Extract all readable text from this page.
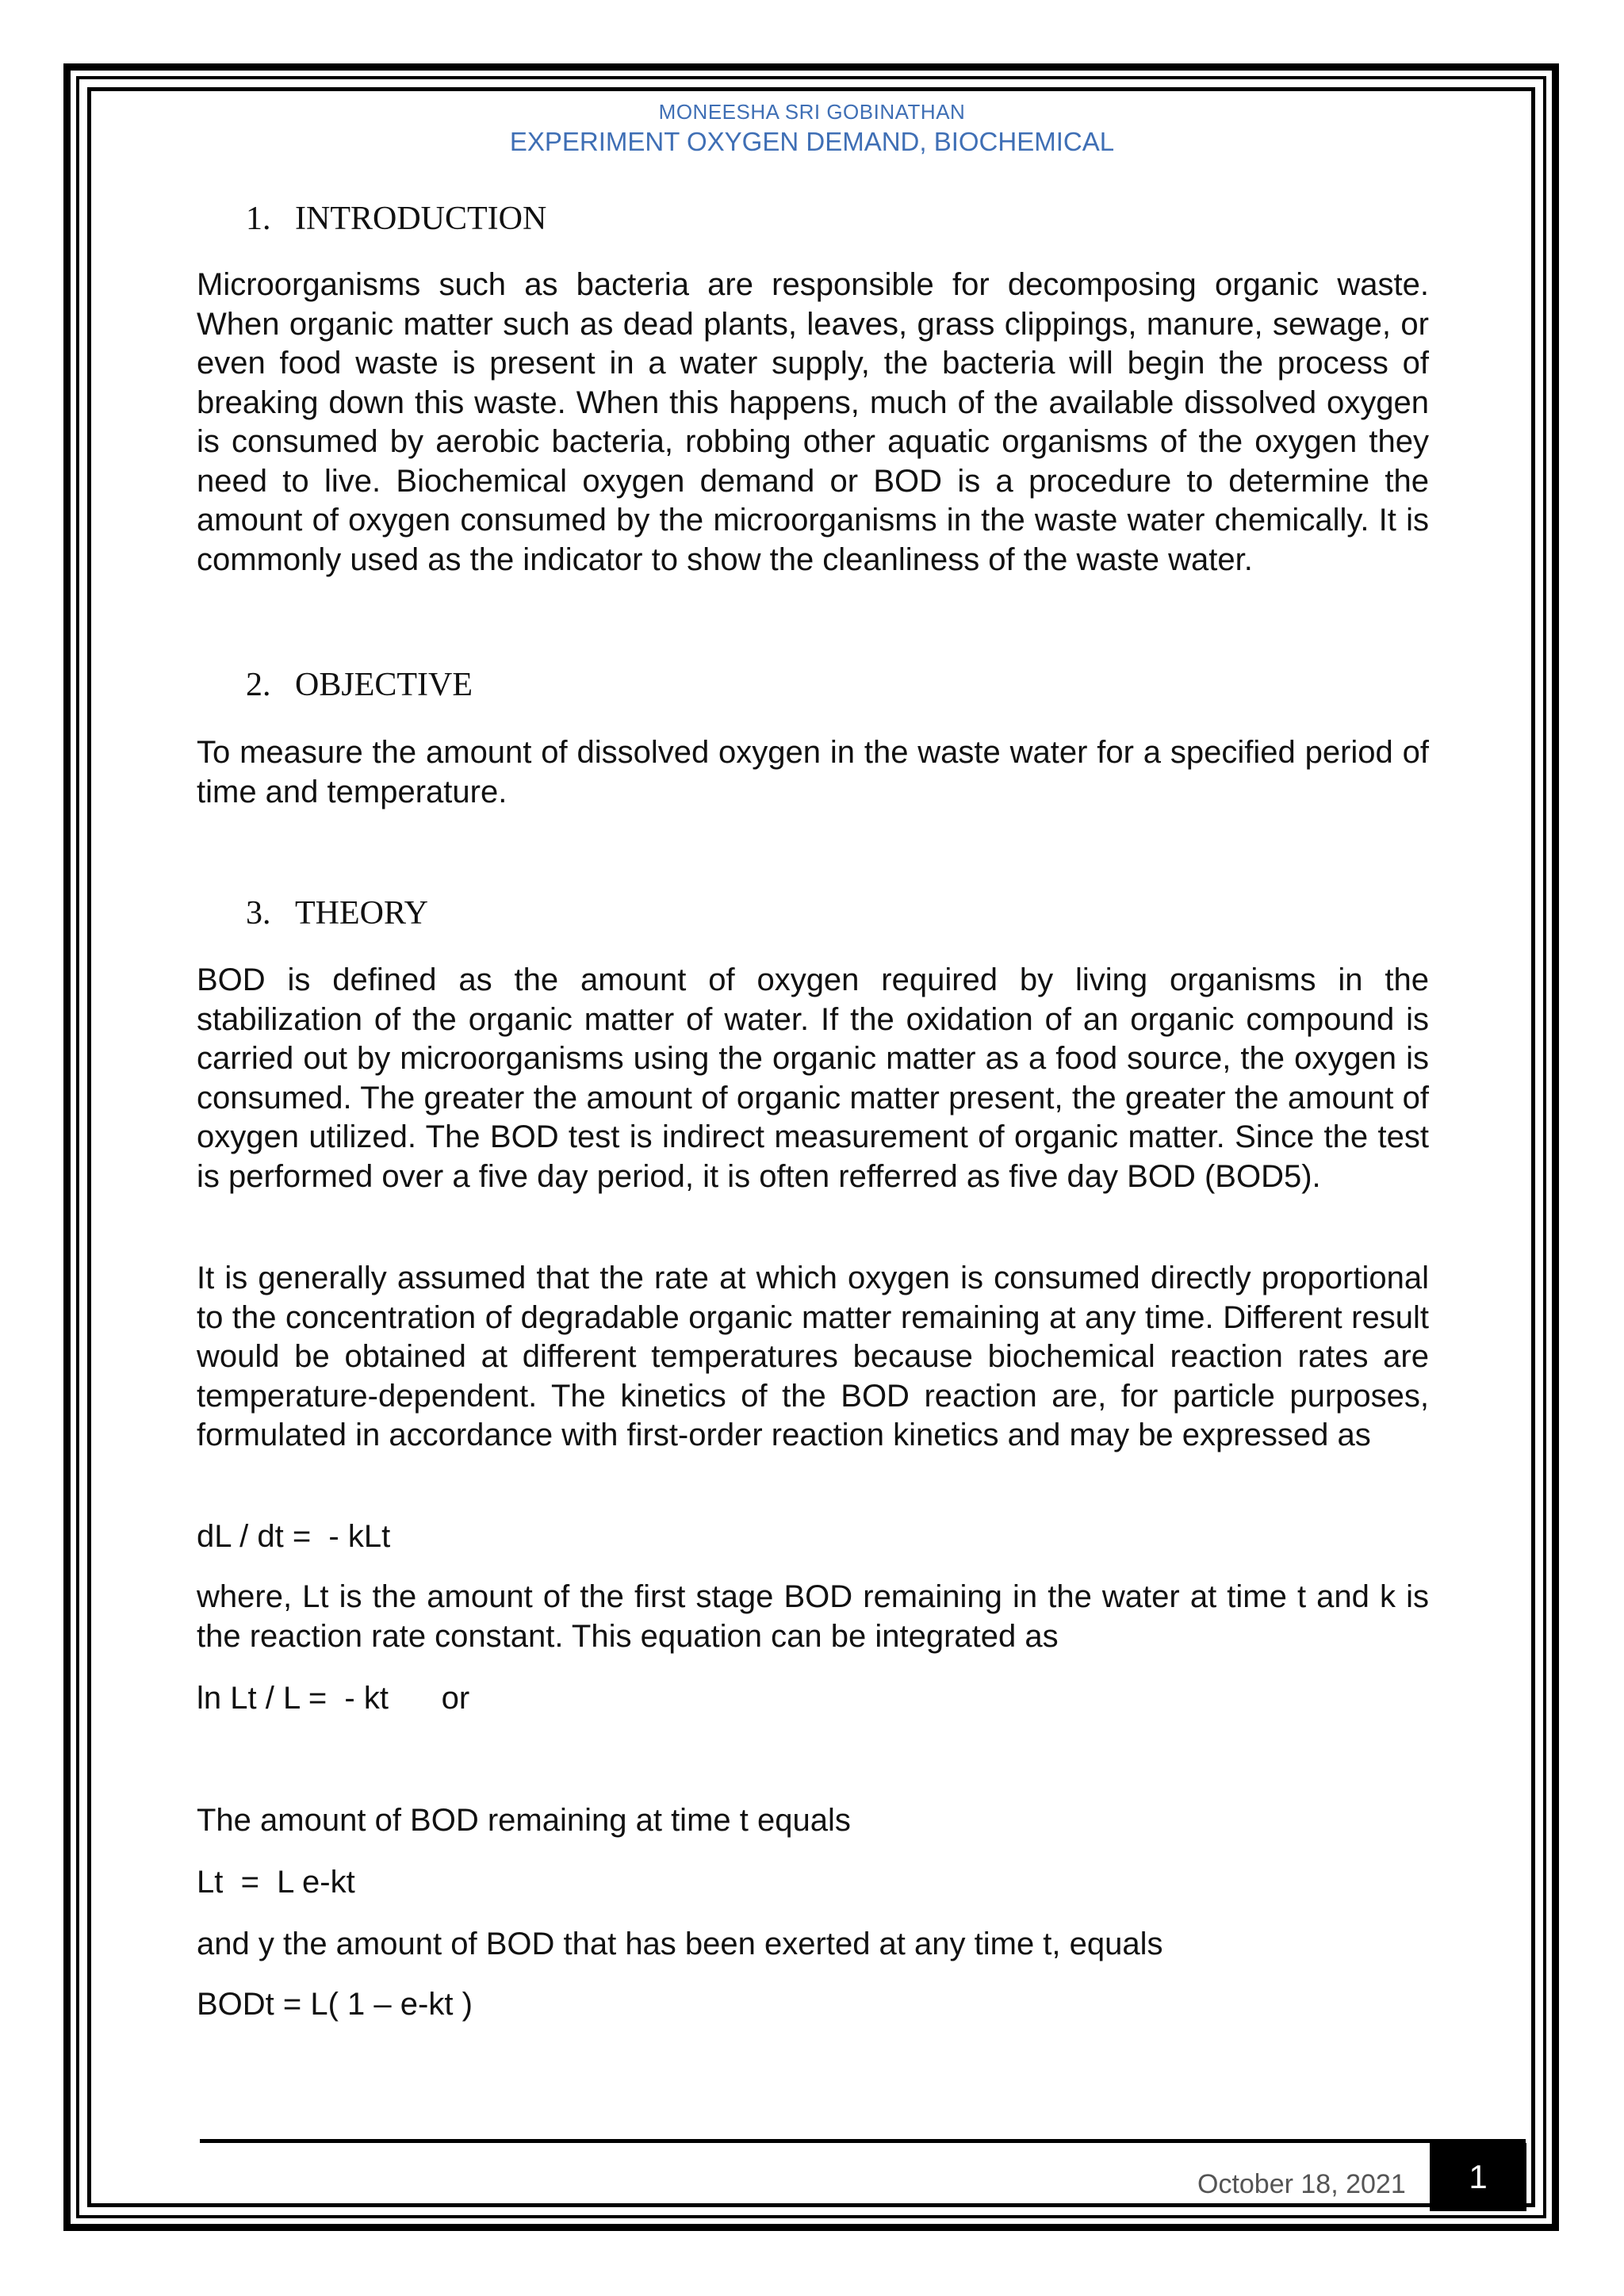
MONEESHA SRI GOBINATHAN
EXPERIMENT OXYGEN DEMAND, BIOCHEMICAL
1. INTRODUCTION
Microorganisms such as bacteria are responsible for decomposing organic waste. When organic matter such as dead plants, leaves, grass clippings, manure, sewage, or even food waste is present in a water supply, the bacteria will begin the process of breaking down this waste. When this happens, much of the available dissolved oxygen is consumed by aerobic bacteria, robbing other aquatic organisms of the oxygen they need to live. Biochemical oxygen demand or BOD is a procedure to determine the amount of oxygen consumed by the microorganisms in the waste water chemically. It is commonly used as the indicator to show the cleanliness of the waste water.
2. OBJECTIVE
To measure the amount of dissolved oxygen in the waste water for a specified period of time and temperature.
3. THEORY
BOD is defined as the amount of oxygen required by living organisms in the stabilization of the organic matter of water. If the oxidation of an organic compound is carried out by microorganisms using the organic matter as a food source, the oxygen is consumed. The greater the amount of organic matter present, the greater the amount of oxygen utilized. The BOD test is indirect measurement of organic matter. Since the test is performed over a five day period, it is often refferred as five day BOD (BOD5).
It is generally assumed that the rate at which oxygen is consumed directly proportional to the concentration of degradable organic matter remaining at any time. Different result would be obtained at different temperatures because biochemical reaction rates are temperature-dependent. The kinetics of the BOD reaction are, for particle purposes, formulated in accordance with first-order reaction kinetics and may be expressed as
dL / dt =  - kLt
where, Lt is the amount of the first stage BOD remaining in the water at time t and k is the reaction rate constant. This equation can be integrated as
ln Lt / L =  - kt      or
The amount of BOD remaining at time t equals
Lt  =  L e-kt
and y the amount of BOD that has been exerted at any time t, equals
BODt = L( 1 – e-kt )
October 18, 2021 1
